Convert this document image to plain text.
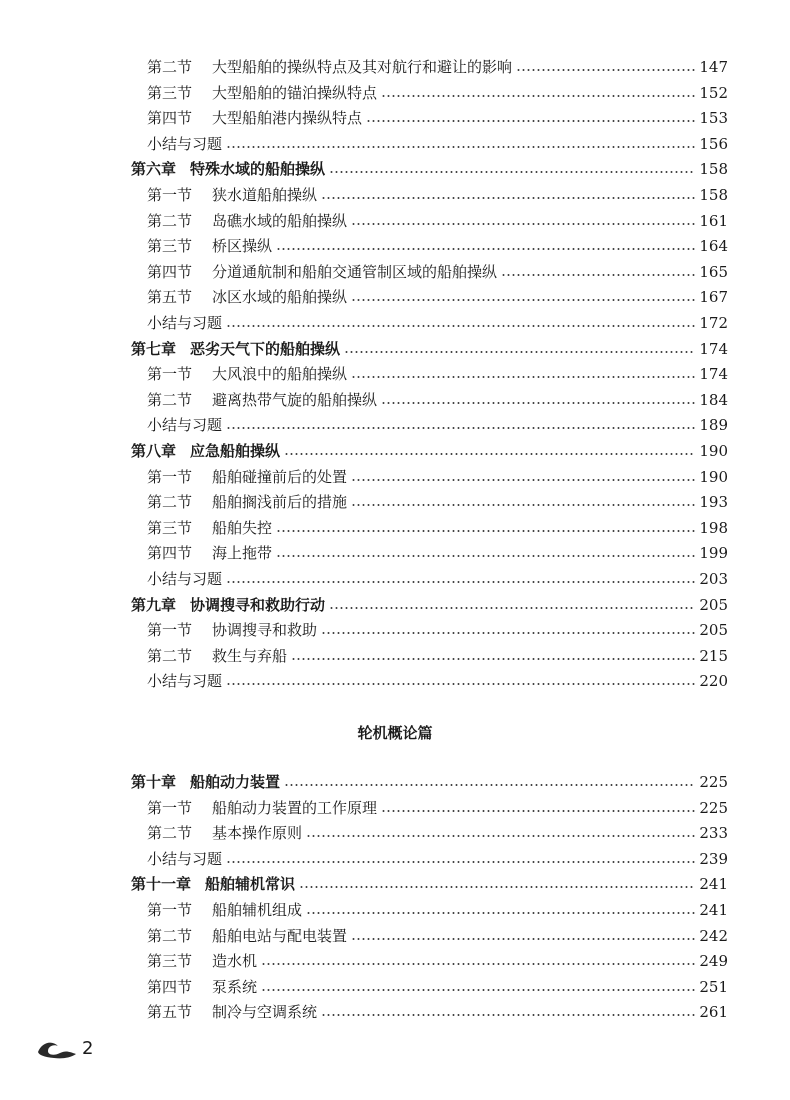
第二节 大型船舶的操纵特点及其对航行和避让的影响	147
第三节 大型船舶的锚泊操纵特点	152
第四节 大型船舶港内操纵特点	153
小结与习题	156
第六章 特殊水域的船舶操纵	158
第一节 狭水道船舶操纵	158
第二节 岛礁水域的船舶操纵	161
第三节 桥区操纵	164
第四节 分道通航制和船舶交通管制区域的船舶操纵	165
第五节 冰区水域的船舶操纵	167
小结与习题	172
第七章 恶劣天气下的船舶操纵	174
第一节 大风浪中的船舶操纵	174
第二节 避离热带气旋的船舶操纵	184
小结与习题	189
第八章 应急船舶操纵	190
第一节 船舶碰撞前后的处置	190
第二节 船舶搁浅前后的措施	193
第三节 船舶失控	198
第四节 海上拖带	199
小结与习题	203
第九章 协调搜寻和救助行动	205
第一节 协调搜寻和救助	205
第二节 救生与弃船	215
小结与习题	220
第十章 船舶动力装置	225
第一节 船舶动力装置的工作原理	225
第二节 基本操作原则	233
小结与习题	239
第十一章 船舶辅机常识	241
第一节 船舶辅机组成	241
第二节 船舶电站与配电装置	242
第三节 造水机	249
第四节 泵系统	251
第五节 制冷与空调系统	261
轮机概论篇
2
